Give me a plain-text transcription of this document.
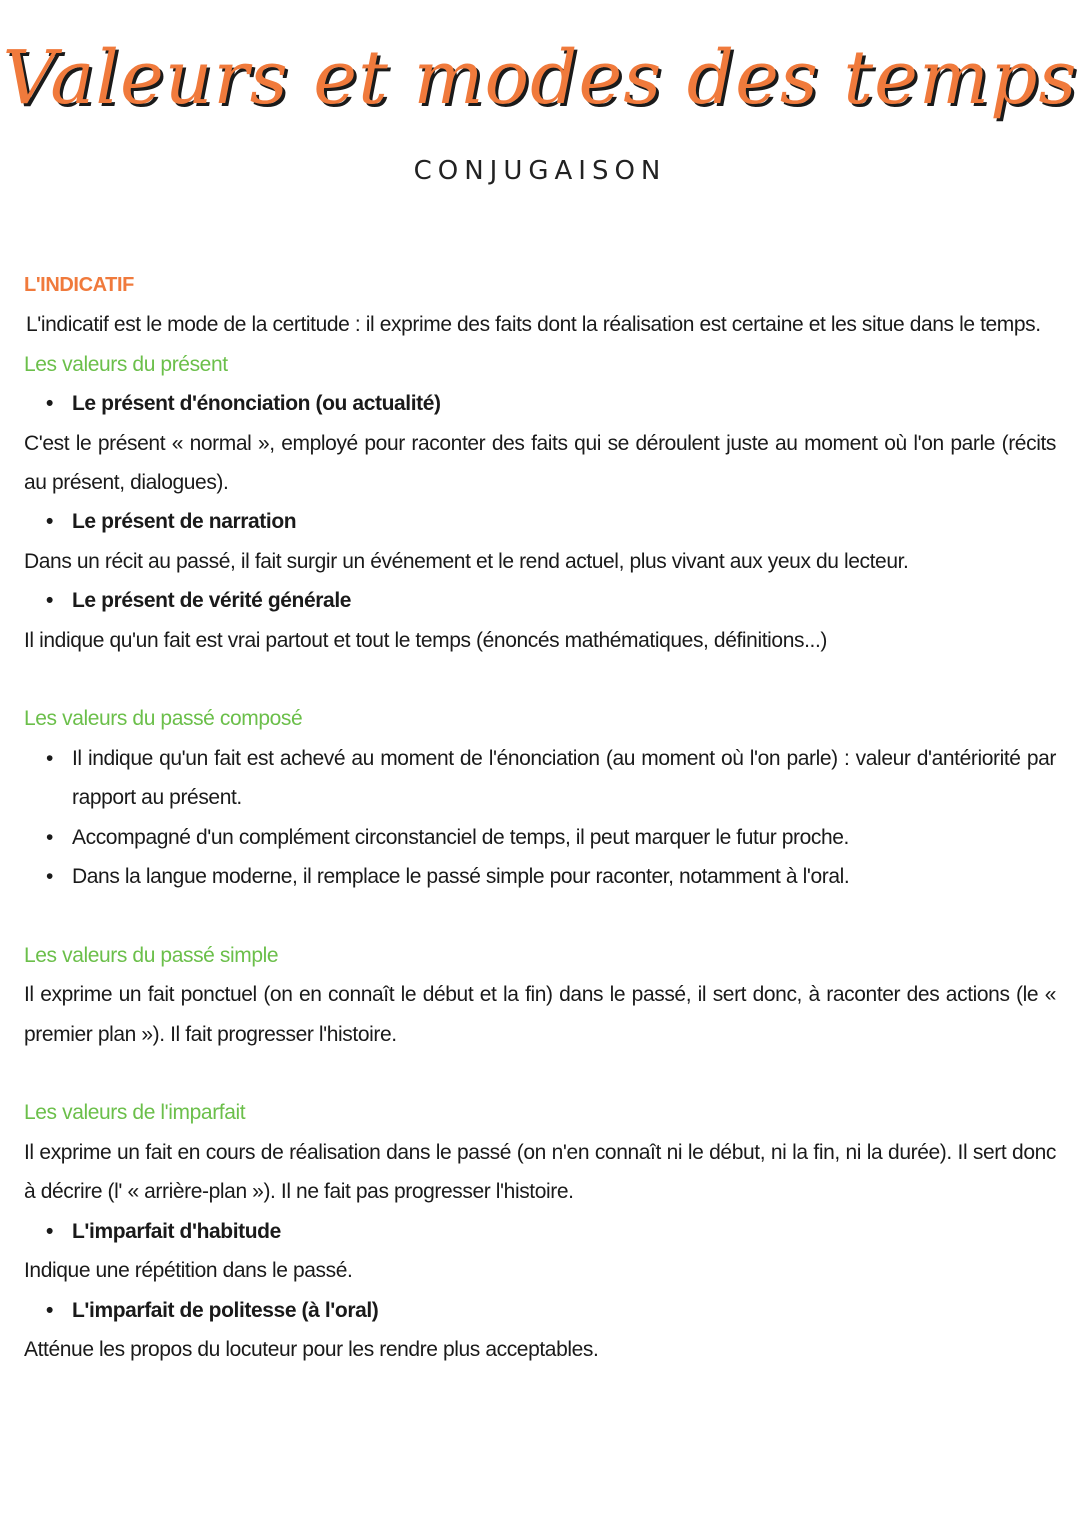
Valeurs et modes des temps
CONJUGAISON

L'INDICATIF

L'indicatif est le mode de la certitude : il exprime des faits dont la réalisation est certaine et les situe dans le temps.

Les valeurs du présent

• Le présent d'énonciation (ou actualité)

C'est le présent « normal », employé pour raconter des faits qui se déroulent juste au moment où l'on parle (récits au présent, dialogues).

• Le présent de narration

Dans un récit au passé, il fait surgir un événement et le rend actuel, plus vivant aux yeux du lecteur.

• Le présent de vérité générale

Il indique qu'un fait est vrai partout et tout le temps (énoncés mathématiques, définitions...)

Les valeurs du passé composé

• Il indique qu'un fait est achevé au moment de l'énonciation (au moment où l'on parle) : valeur d'antériorité par rapport au présent.

• Accompagné d'un complément circonstanciel de temps, il peut marquer le futur proche.

• Dans la langue moderne, il remplace le passé simple pour raconter, notamment à l'oral.

Les valeurs du passé simple

Il exprime un fait ponctuel (on en connaît le début et la fin) dans le passé, il sert donc, à raconter des actions (le « premier plan »). Il fait progresser l'histoire.

Les valeurs de l'imparfait

Il exprime un fait en cours de réalisation dans le passé (on n'en connaît ni le début, ni la fin, ni la durée). Il sert donc à décrire (l' « arrière-plan »). Il ne fait pas progresser l'histoire.

• L'imparfait d'habitude

Indique une répétition dans le passé.

• L'imparfait de politesse (à l'oral)

Atténue les propos du locuteur pour les rendre plus acceptables.
